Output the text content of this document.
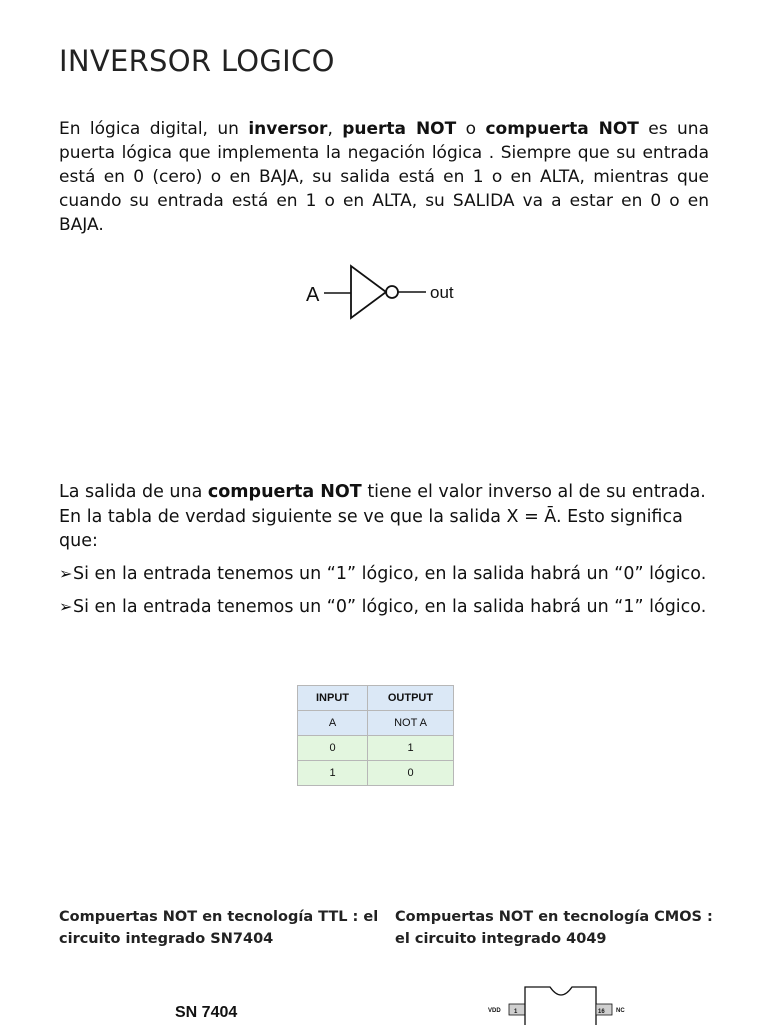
INVERSOR LOGICO

En lógica digital, un inversor, puerta NOT o compuerta NOT es una puerta lógica que implementa la negación lógica . Siempre que su entrada está en 0 (cero) o en BAJA, su salida está en 1 o en ALTA, mientras que cuando su entrada está en 1 o en ALTA, su SALIDA va a estar en 0 o en BAJA.

A	out

La salida de una compuerta NOT tiene el valor inverso al de su entrada. En la tabla de verdad siguiente se ve que la salida X = Ā. Esto significa que:

➢ Si en la entrada tenemos un “1” lógico, en la salida habrá un “0” lógico.
➢ Si en la entrada tenemos un “0” lógico, en la salida habrá un “1” lógico.
INPUT	OUTPUT
A	NOT A
0	1
1	0

Compuertas NOT en tecnología TTL : el circuito integrado SN7404

Compuertas NOT en tecnología CMOS : el circuito integrado 4049

SN 7404	VDD 1	16 NC
